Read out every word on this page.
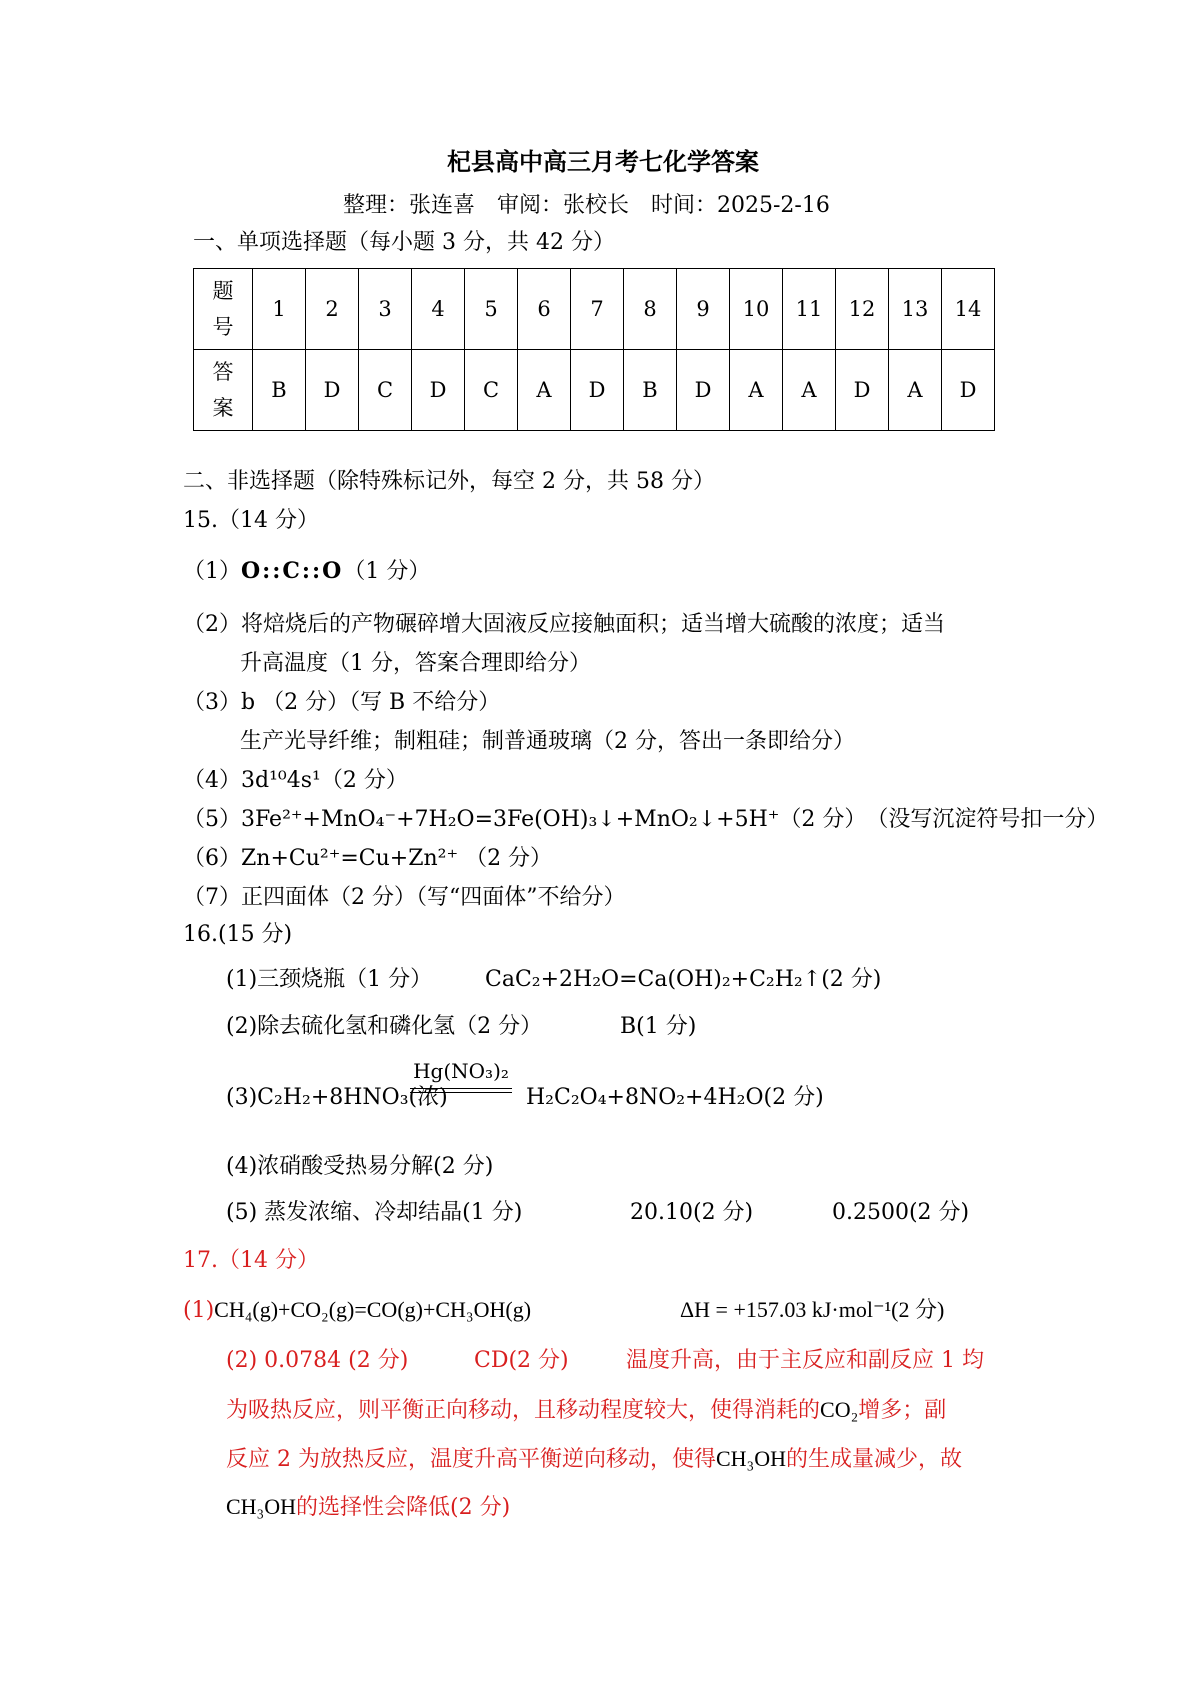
杞县高中高三月考七化学答案
整理：张连喜　审阅：张校长　时间：2025-2-16
一、单项选择题（每小题 3 分，共 42 分）
题
号	1	2	3	4	5	6	7	8	9	10	11	12	13	14
答
案	B	D	C	D	C	A	D	B	D	A	A	D	A	D
二、非选择题（除特殊标记外，每空 2 分，共 58 分）
15.（14 分）
（1）O::C::O（1 分）
（2）将焙烧后的产物碾碎增大固液反应接触面积；适当增大硫酸的浓度；适当
升高温度（1 分，答案合理即给分）
（3）b （2 分）（写 B 不给分）
生产光导纤维；制粗硅；制普通玻璃（2 分，答出一条即给分）
（4）3d¹⁰4s¹（2 分）
（5）3Fe²⁺+MnO₄⁻+7H₂O=3Fe(OH)₃↓+MnO₂↓+5H⁺（2 分）　（没写沉淀符号扣一分）
（6）Zn+Cu²⁺=Cu+Zn²⁺ （2 分）
（7）正四面体（2 分）（写“四面体”不给分）
16.(15 分)
(1)三颈烧瓶（1 分） CaC₂+2H₂O=Ca(OH)₂+C₂H₂↑(2 分)
(2)除去硫化氢和磷化氢（2 分）	B(1 分)
(3)C₂H₂+8HNO₃(浓)
Hg(NO₃)₂
H₂C₂O₄+8NO₂+4H₂O(2 分)
(4)浓硝酸受热易分解(2 分)
(5) 蒸发浓缩、冷却结晶(1 分)	20.10(2 分)	0.2500(2 分)
17.（14 分）
(1)CH₄(g)+CO₂(g)=CO(g)+CH₃OH(g)	ΔH = +157.03 kJ·mol⁻¹(2 分)
(2) 0.0784 (2 分)	CD(2 分)	温度升高，由于主反应和副反应 1 均
为吸热反应，则平衡正向移动，且移动程度较大，使得消耗的CO₂增多；副
反应 2 为放热反应，温度升高平衡逆向移动，使得CH₃OH的生成量减少，故
CH₃OH的选择性会降低(2 分)
